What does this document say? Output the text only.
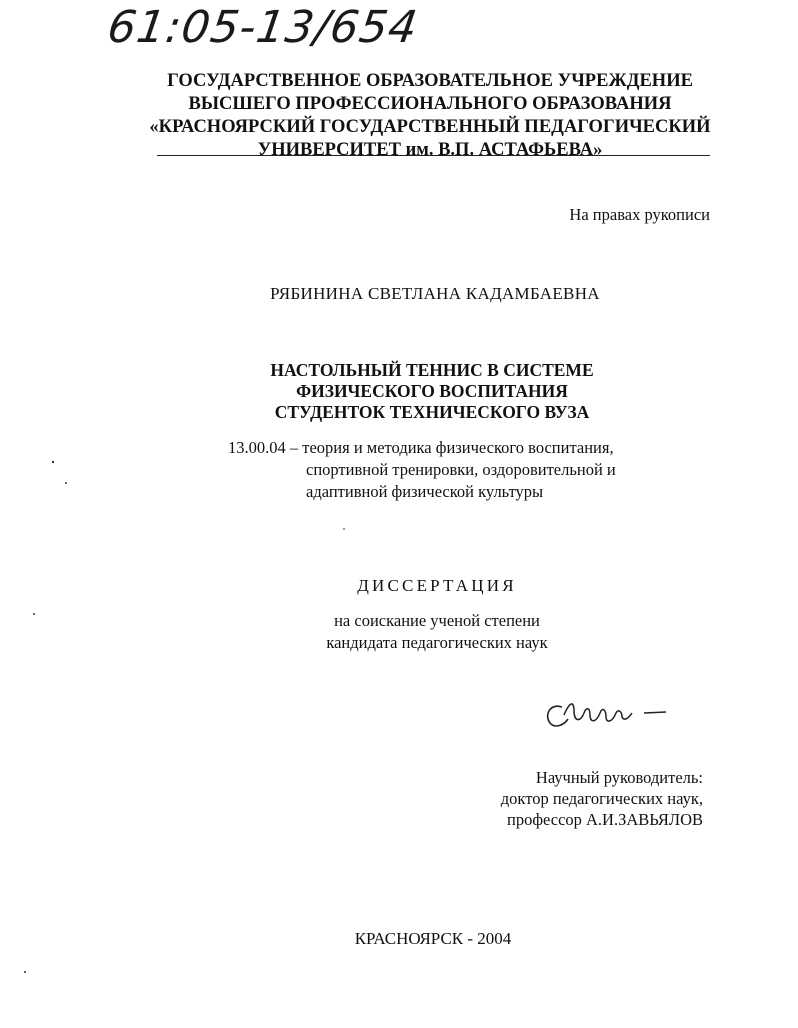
61:05-13/654
ГОСУДАРСТВЕННОЕ ОБРАЗОВАТЕЛЬНОЕ УЧРЕЖДЕНИЕ
ВЫСШЕГО ПРОФЕССИОНАЛЬНОГО ОБРАЗОВАНИЯ
«КРАСНОЯРСКИЙ ГОСУДАРСТВЕННЫЙ ПЕДАГОГИЧЕСКИЙ
УНИВЕРСИТЕТ им. В.П. АСТАФЬЕВА»
На правах рукописи
РЯБИНИНА СВЕТЛАНА КАДАМБАЕВНА
НАСТОЛЬНЫЙ ТЕННИС В СИСТЕМЕ
ФИЗИЧЕСКОГО ВОСПИТАНИЯ
СТУДЕНТОК ТЕХНИЧЕСКОГО ВУЗА
13.00.04 – теория и методика физического воспитания,
спортивной тренировки, оздоровительной и
адаптивной физической культуры
ДИССЕРТАЦИЯ
на соискание ученой степени
кандидата педагогических наук
Научный руководитель:
доктор педагогических наук,
профессор А.И.ЗАВЬЯЛОВ
КРАСНОЯРСК - 2004
